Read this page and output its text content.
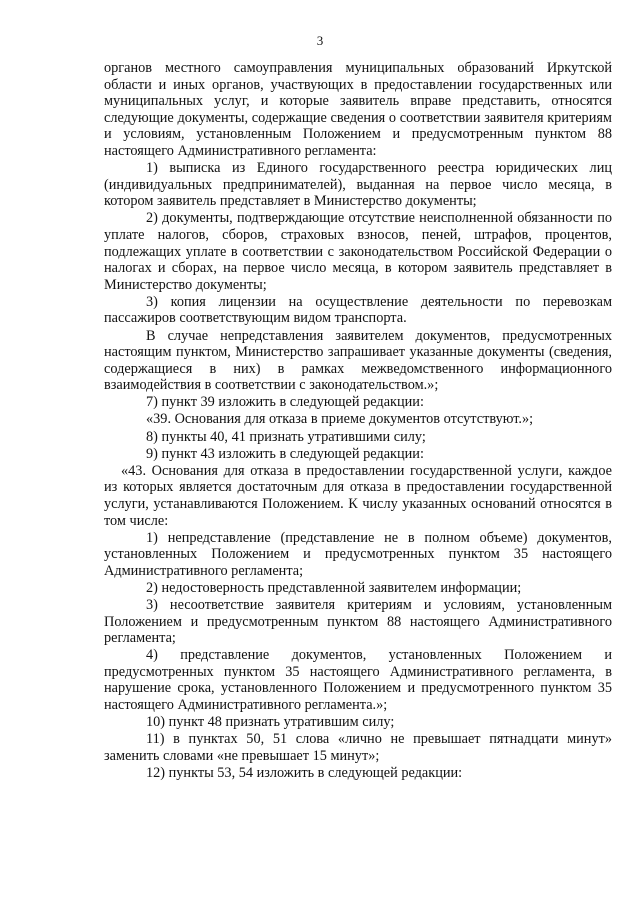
3

органов местного самоуправления муниципальных образований Иркутской области и иных органов, участвующих в предоставлении государственных или муниципальных услуг, и которые заявитель вправе представить, относятся следующие документы, содержащие сведения о соответствии заявителя критериям и условиям, установленным Положением и предусмотренным пунктом 88 настоящего Административного регламента:

1) выписка из Единого государственного реестра юридических лиц (индивидуальных предпринимателей), выданная на первое число месяца, в котором заявитель представляет в Министерство документы;

2) документы, подтверждающие отсутствие неисполненной обязанности по уплате налогов, сборов, страховых взносов, пеней, штрафов, процентов, подлежащих уплате в соответствии с законодательством Российской Федерации о налогах и сборах, на первое число месяца, в котором заявитель представляет в Министерство документы;

3) копия лицензии на осуществление деятельности по перевозкам пассажиров соответствующим видом транспорта.

В случае непредставления заявителем документов, предусмотренных настоящим пунктом, Министерство запрашивает указанные документы (сведения, содержащиеся в них) в рамках межведомственного информационного взаимодействия в соответствии с законодательством.»;

7) пункт 39 изложить в следующей редакции:

«39. Основания для отказа в приеме документов отсутствуют.»;

8) пункты 40, 41 признать утратившими силу;

9) пункт 43 изложить в следующей редакции:

«43. Основания для отказа в предоставлении государственной услуги, каждое из которых является достаточным для отказа в предоставлении государственной услуги, устанавливаются Положением. К числу указанных оснований относятся в том числе:

1) непредставление (представление не в полном объеме) документов, установленных Положением и предусмотренных пунктом 35 настоящего Административного регламента;

2) недостоверность представленной заявителем информации;

3) несоответствие заявителя критериям и условиям, установленным Положением и предусмотренным пунктом 88 настоящего Административного регламента;

4) представление документов, установленных Положением и предусмотренных пунктом 35 настоящего Административного регламента, в нарушение срока, установленного Положением и предусмотренного пунктом 35 настоящего Административного регламента.»;

10) пункт 48 признать утратившим силу;

11) в пунктах 50, 51 слова «лично не превышает пятнадцати минут» заменить словами «не превышает 15 минут»;

12) пункты 53, 54 изложить в следующей редакции:
